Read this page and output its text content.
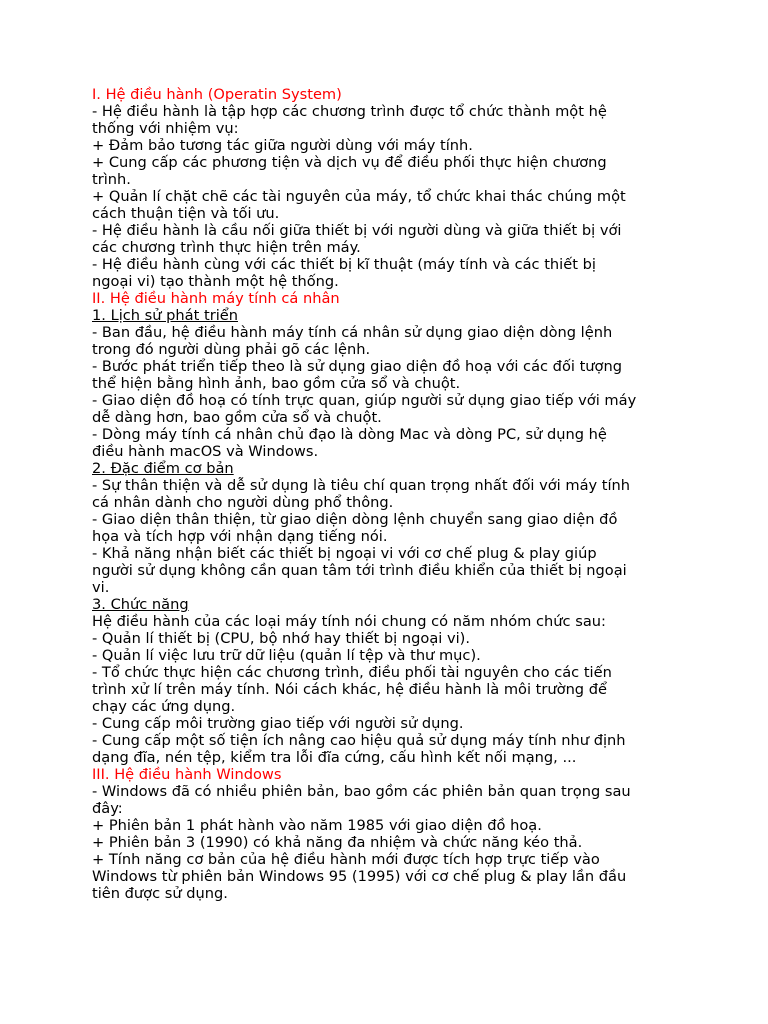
I. Hệ điều hành (Operatin System)
- Hệ điều hành là tập hợp các chương trình được tổ chức thành một hệ
thống với nhiệm vụ:
+ Đảm bảo tương tác giữa người dùng với máy tính.
+ Cung cấp các phương tiện và dịch vụ để điều phối thực hiện chương
trình.
+ Quản lí chặt chẽ các tài nguyên của máy, tổ chức khai thác chúng một
cách thuận tiện và tối ưu.
- Hệ điều hành là cầu nối giữa thiết bị với người dùng và giữa thiết bị với
các chương trình thực hiện trên máy.
- Hệ điều hành cùng với các thiết bị kĩ thuật (máy tính và các thiết bị
ngoại vi) tạo thành một hệ thống.
II. Hệ điều hành máy tính cá nhân
1. Lịch sử phát triển
- Ban đầu, hệ điều hành máy tính cá nhân sử dụng giao diện dòng lệnh
trong đó người dùng phải gõ các lệnh.
- Bước phát triển tiếp theo là sử dụng giao diện đồ hoạ với các đối tượng
thể hiện bằng hình ảnh, bao gồm cửa sổ và chuột.
- Giao diện đồ hoạ có tính trực quan, giúp người sử dụng giao tiếp với máy
dễ dàng hơn, bao gồm cửa sổ và chuột.
- Dòng máy tính cá nhân chủ đạo là dòng Mac và dòng PC, sử dụng hệ
điều hành macOS và Windows.
2. Đặc điểm cơ bản
- Sự thân thiện và dễ sử dụng là tiêu chí quan trọng nhất đối với máy tính
cá nhân dành cho người dùng phổ thông.
- Giao diện thân thiện, từ giao diện dòng lệnh chuyển sang giao diện đồ
họa và tích hợp với nhận dạng tiếng nói.
- Khả năng nhận biết các thiết bị ngoại vi với cơ chế plug & play giúp
người sử dụng không cần quan tâm tới trình điều khiển của thiết bị ngoại
vi.
3. Chức năng
Hệ điều hành của các loại máy tính nói chung có năm nhóm chức sau:
- Quản lí thiết bị (CPU, bộ nhớ hay thiết bị ngoại vi).
- Quản lí việc lưu trữ dữ liệu (quản lí tệp và thư mục).
- Tổ chức thực hiện các chương trình, điều phối tài nguyên cho các tiến
trình xử lí trên máy tính. Nói cách khác, hệ điều hành là môi trường để
chạy các ứng dụng.
- Cung cấp môi trường giao tiếp với người sử dụng.
- Cung cấp một số tiện ích nâng cao hiệu quả sử dụng máy tính như định
dạng đĩa, nén tệp, kiểm tra lỗi đĩa cứng, cấu hình kết nối mạng, ...
III. Hệ điều hành Windows
- Windows đã có nhiều phiên bản, bao gồm các phiên bản quan trọng sau
đây:
+ Phiên bản 1 phát hành vào năm 1985 với giao diện đồ hoạ.
+ Phiên bản 3 (1990) có khả năng đa nhiệm và chức năng kéo thả.
+ Tính năng cơ bản của hệ điều hành mới được tích hợp trực tiếp vào
Windows từ phiên bản Windows 95 (1995) với cơ chế plug & play lần đầu
tiên được sử dụng.
